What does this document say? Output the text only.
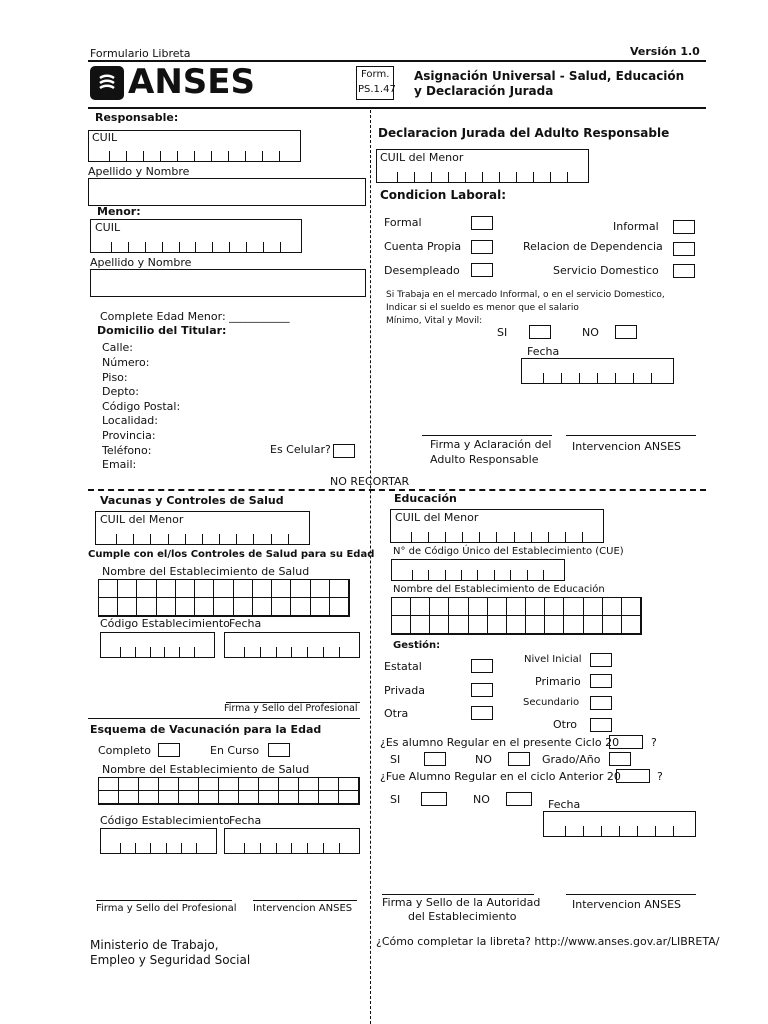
Formulario Libreta	Versión 1.0
ANSES	Form.
PS.1.47
Asignación Universal - Salud, Educación
y Declaración Jurada
Responsable:
CUIL
Apellido y Nombre
Menor:
CUIL
Apellido y Nombre
Complete Edad Menor: ___________
Domicilio del Titular:
Calle:
Número:
Piso:
Depto:
Código Postal:
Localidad:
Provincia:
Teléfono:	Es Celular?
Email:
Declaracion Jurada del Adulto Responsable
CUIL del Menor
Condicion Laboral:
Formal	Informal
Cuenta Propia	Relacion de Dependencia
Desempleado	Servicio Domestico
Si Trabaja en el mercado Informal, o en el servicio Domestico,
Indicar si el sueldo es menor que el salario
Mínimo, Vital y Movil:
SI	NO
Fecha
Firma y Aclaración del
Adulto Responsable
Intervencion ANSES
NO RECORTAR
Vacunas y Controles de Salud
CUIL del Menor
Cumple con el/los Controles de Salud para su Edad
Nombre del Establecimiento de Salud
Código Establecimiento Fecha
Firma y Sello del Profesional
Esquema de Vacunación para la Edad
Completo	En Curso
Nombre del Establecimiento de Salud
Código Establecimiento Fecha
Firma y Sello del Profesional Intervencion ANSES
Educación
CUIL del Menor
N° de Código Único del Establecimiento (CUE)
Nombre del Establecimiento de Educación
Gestión:
Estatal
Privada
Otra
Nivel Inicial
Primario
Secundario
Otro
¿Es alumno Regular en el presente Ciclo 20	?
SI	NO	Grado/Año
¿Fue Alumno Regular en el ciclo Anterior 20	?
SI	NO	Fecha
Firma y Sello de la Autoridad
del Establecimiento
Intervencion ANSES
Ministerio de Trabajo,
Empleo y Seguridad Social
¿Cómo completar la libreta? http://www.anses.gov.ar/LIBRETA/
